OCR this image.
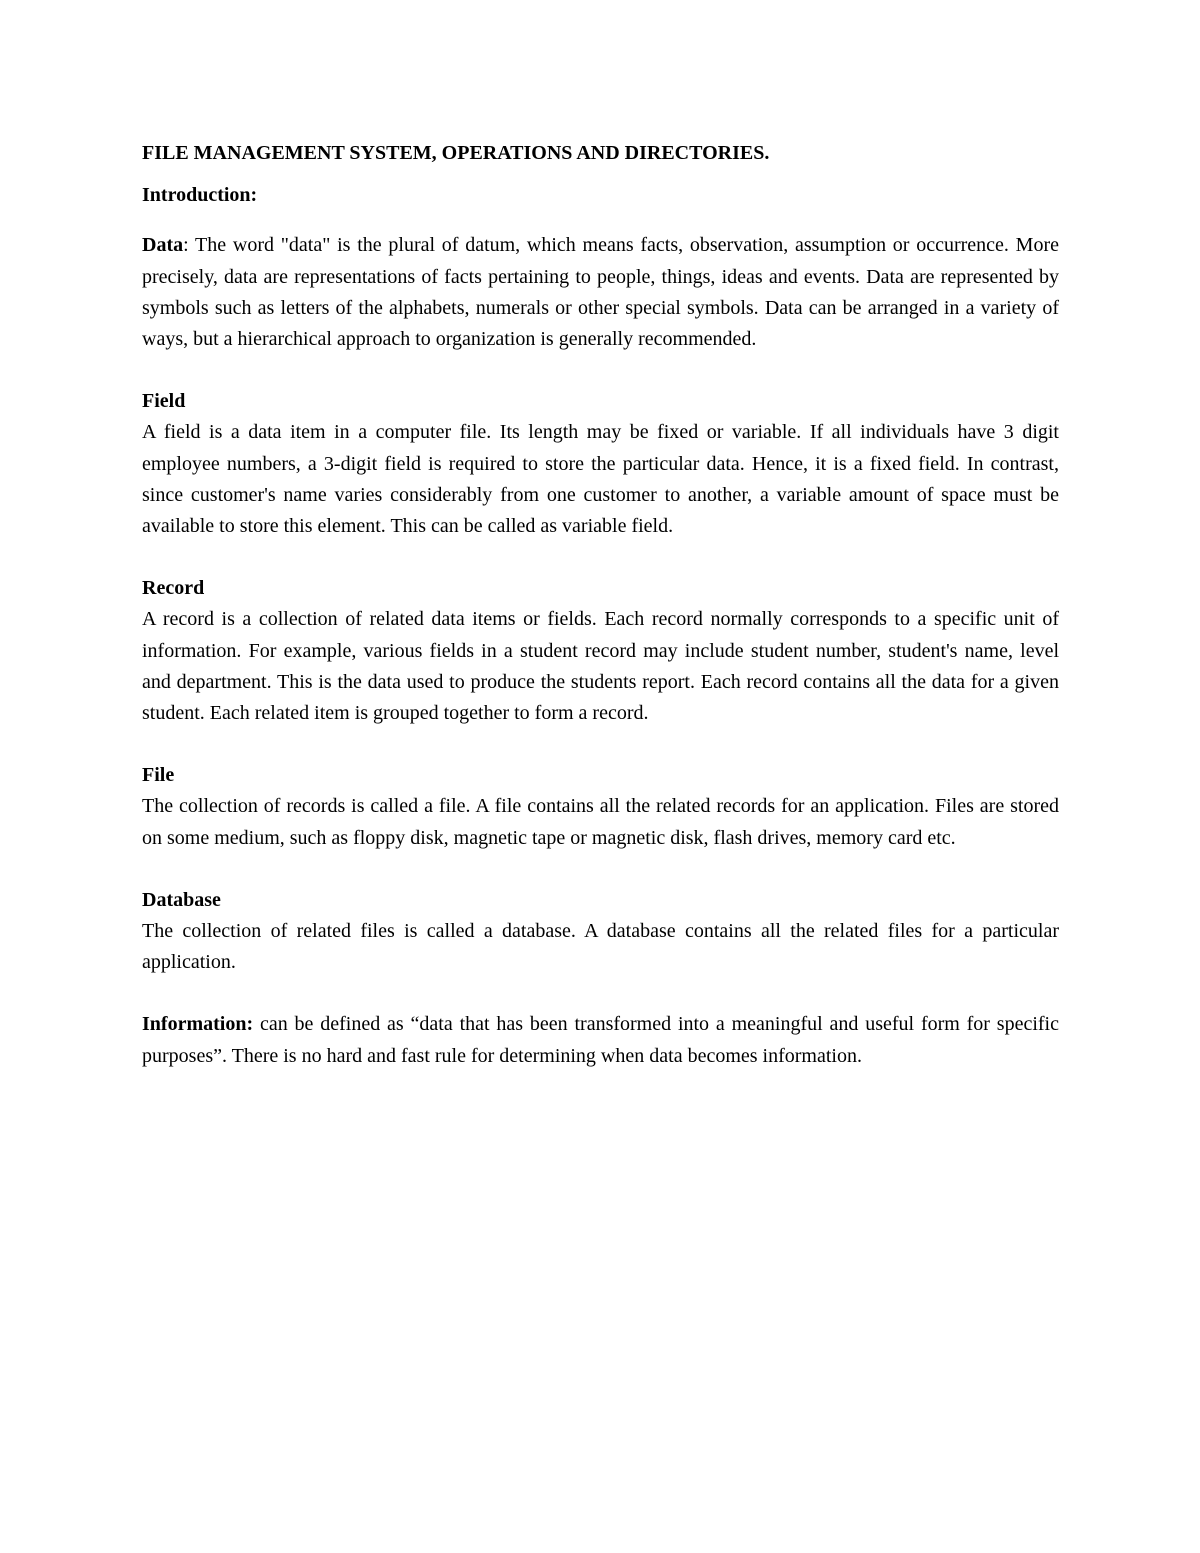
FILE MANAGEMENT SYSTEM, OPERATIONS AND DIRECTORIES.

Introduction:

Data: The word "data" is the plural of datum, which means facts, observation, assumption or occurrence. More precisely, data are representations of facts pertaining to people, things, ideas and events. Data are represented by symbols such as letters of the alphabets, numerals or other special symbols. Data can be arranged in a variety of ways, but a hierarchical approach to organization is generally recommended.

Field

A field is a data item in a computer file. Its length may be fixed or variable. If all individuals have 3 digit employee numbers, a 3-digit field is required to store the particular data. Hence, it is a fixed field. In contrast, since customer's name varies considerably from one customer to another, a variable amount of space must be available to store this element. This can be called as variable field.

Record

A record is a collection of related data items or fields. Each record normally corresponds to a specific unit of information. For example, various fields in a student record may include student number, student's name, level and department. This is the data used to produce the students report. Each record contains all the data for a given student. Each related item is grouped together to form a record.

File

The collection of records is called a file. A file contains all the related records for an application. Files are stored on some medium, such as floppy disk, magnetic tape or magnetic disk, flash drives, memory card etc.

Database

The collection of related files is called a database. A database contains all the related files for a particular application.

Information: can be defined as “data that has been transformed into a meaningful and useful form for specific purposes”. There is no hard and fast rule for determining when data becomes information.
